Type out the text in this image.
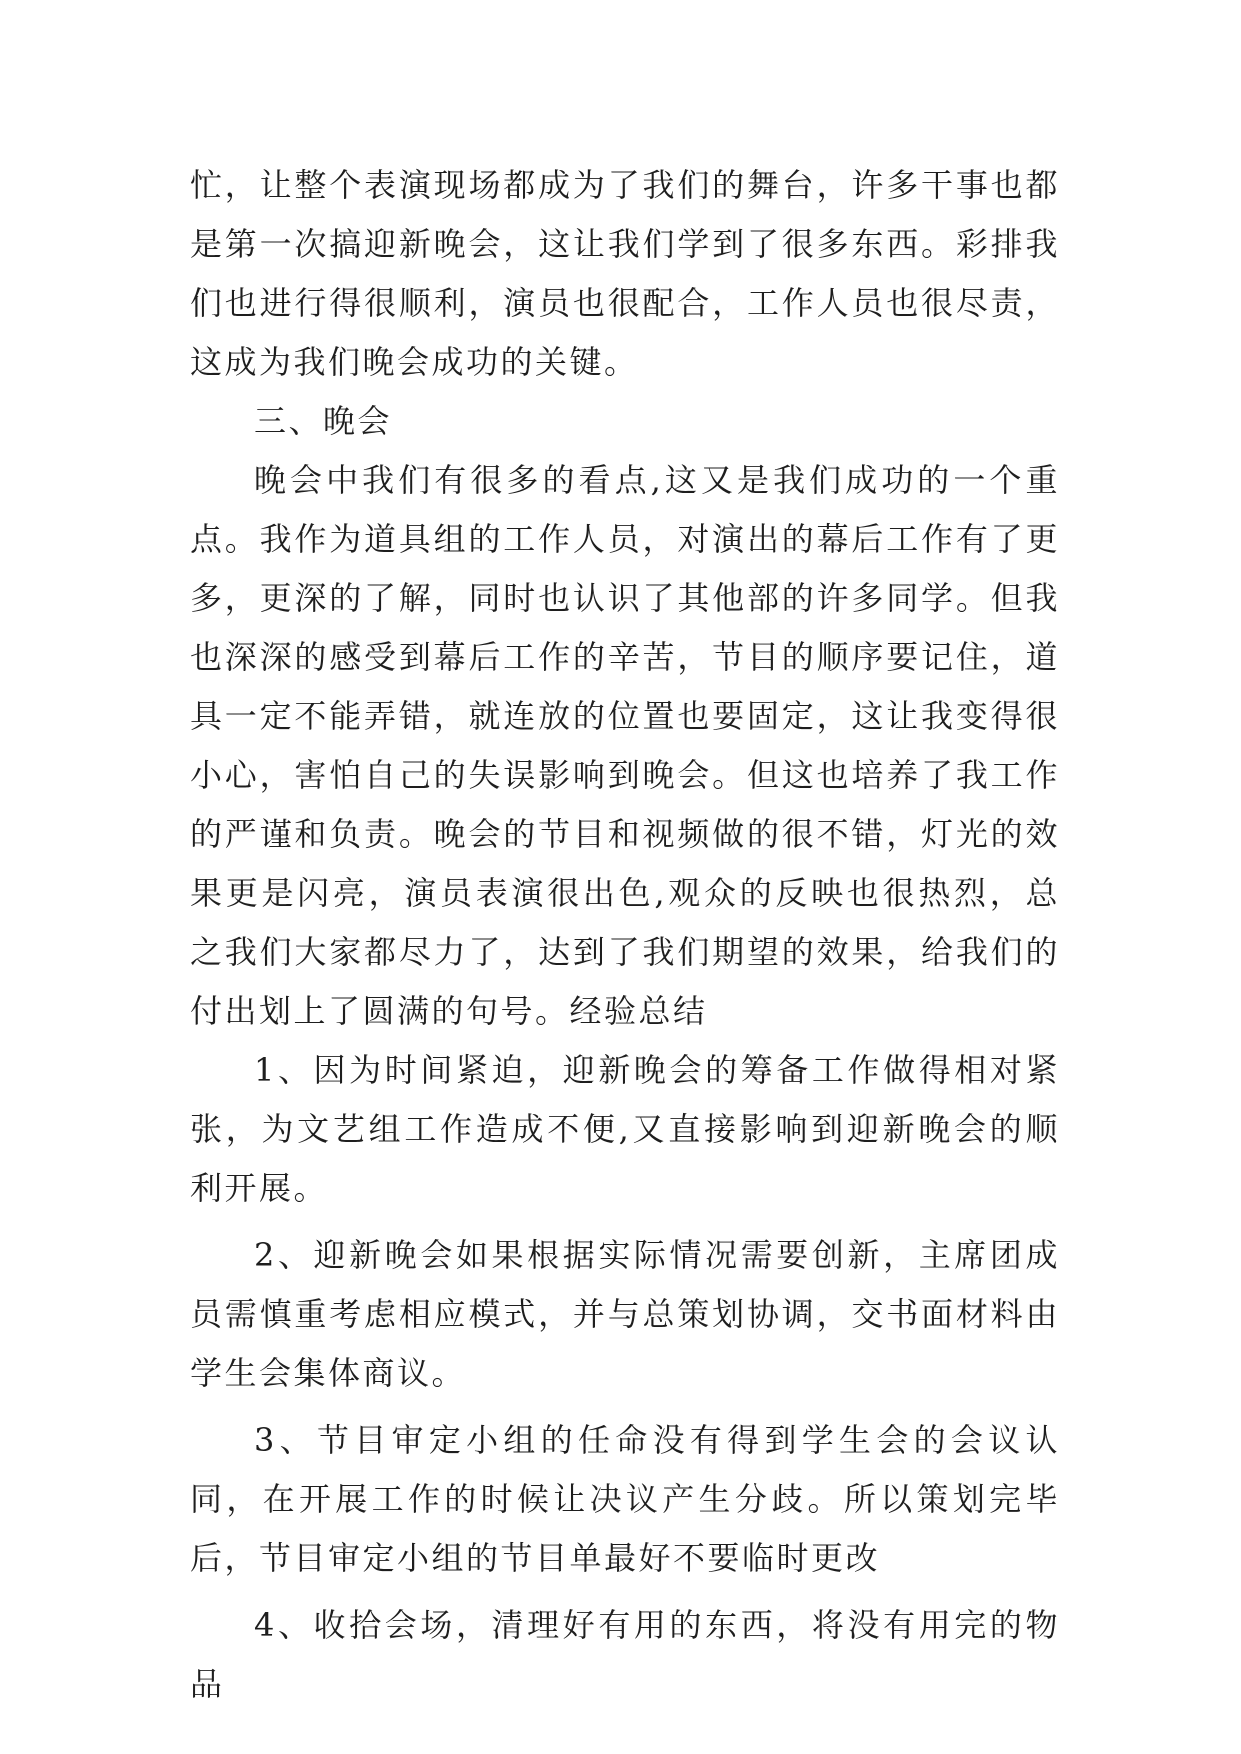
忙，让整个表演现场都成为了我们的舞台，许多干事也都是第一次搞迎新晚会，这让我们学到了很多东西。彩排我们也进行得很顺利，演员也很配合，工作人员也很尽责，这成为我们晚会成功的关键。

三、晚会

晚会中我们有很多的看点,这又是我们成功的一个重点。我作为道具组的工作人员，对演出的幕后工作有了更多，更深的了解，同时也认识了其他部的许多同学。但我也深深的感受到幕后工作的辛苦，节目的顺序要记住，道具一定不能弄错，就连放的位置也要固定，这让我变得很小心，害怕自己的失误影响到晚会。但这也培养了我工作的严谨和负责。晚会的节目和视频做的很不错，灯光的效果更是闪亮，演员表演很出色,观众的反映也很热烈，总之我们大家都尽力了，达到了我们期望的效果，给我们的付出划上了圆满的句号。经验总结

1、因为时间紧迫，迎新晚会的筹备工作做得相对紧张，为文艺组工作造成不便,又直接影响到迎新晚会的顺利开展。

2、迎新晚会如果根据实际情况需要创新，主席团成员需慎重考虑相应模式，并与总策划协调，交书面材料由学生会集体商议。

3、节目审定小组的任命没有得到学生会的会议认同，在开展工作的时候让决议产生分歧。所以策划完毕后，节目审定小组的节目单最好不要临时更改

4、收拾会场，清理好有用的东西，将没有用完的物品
